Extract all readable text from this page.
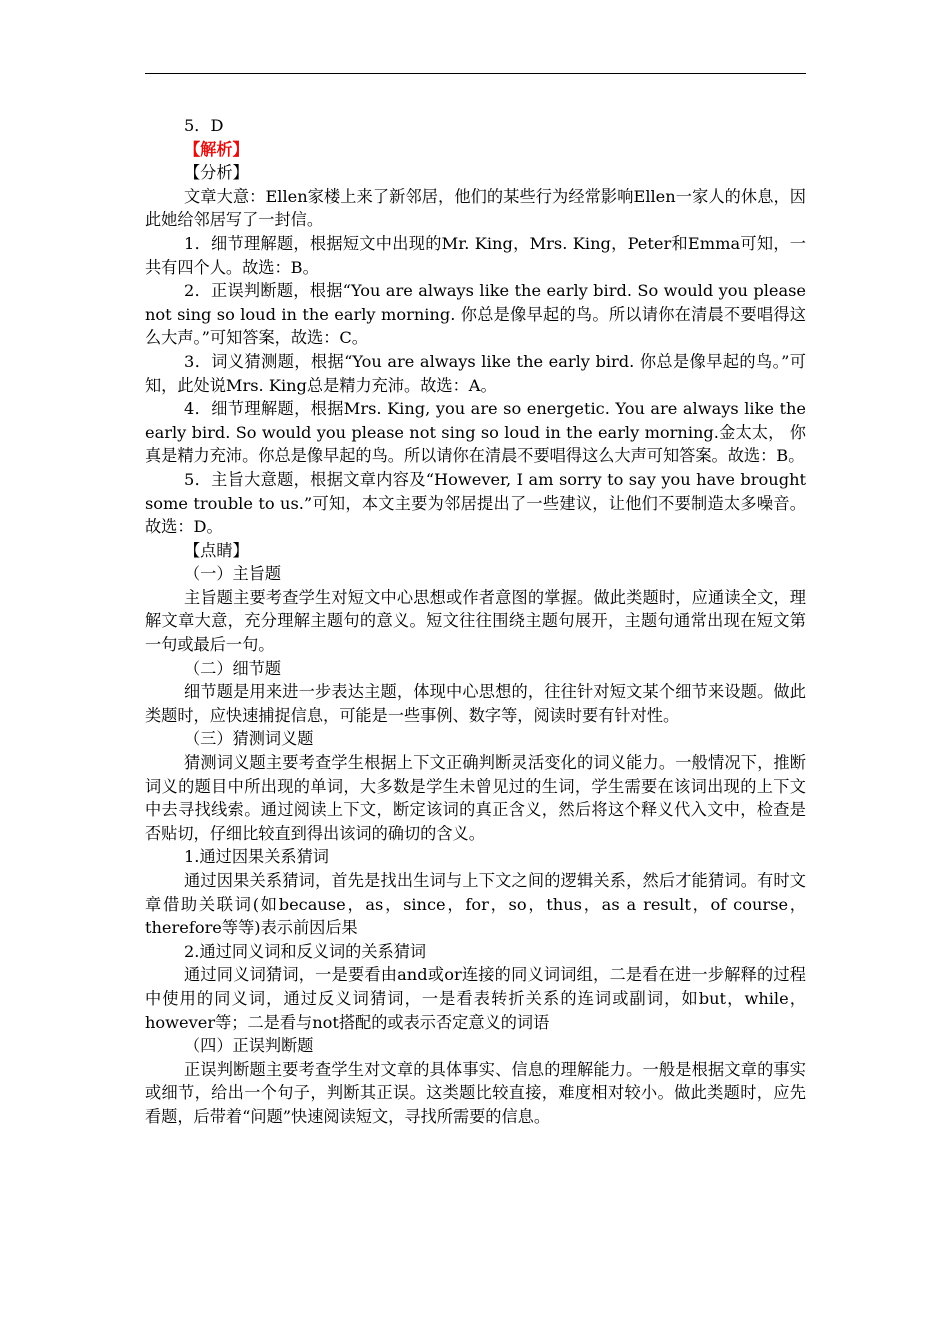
5．D

【解析】

【分析】

文章大意：Ellen家楼上来了新邻居，他们的某些行为经常影响Ellen一家人的休息，因此她给邻居写了一封信。

1．细节理解题，根据短文中出现的Mr. King，Mrs. King，Peter和Emma可知，一共有四个人。故选：B。

2．正误判断题，根据“You are always like the early bird. So would you please not sing so loud in the early morning. 你总是像早起的鸟。所以请你在清晨不要唱得这么大声。”可知答案，故选：C。

3．词义猜测题，根据“You are always like the early bird. 你总是像早起的鸟。”可知，此处说Mrs. King总是精力充沛。故选：A。

4．细节理解题，根据Mrs. King, you are so energetic. You are always like the early bird. So would you please not sing so loud in the early morning.金太太， 你真是精力充沛。你总是像早起的鸟。所以请你在清晨不要唱得这么大声可知答案。故选：B。

5．主旨大意题，根据文章内容及“However, I am sorry to say you have brought some trouble to us.”可知，本文主要为邻居提出了一些建议，让他们不要制造太多噪音。故选：D。

【点睛】

（一）主旨题

主旨题主要考查学生对短文中心思想或作者意图的掌握。做此类题时，应通读全文，理解文章大意，充分理解主题句的意义。短文往往围绕主题句展开，主题句通常出现在短文第一句或最后一句。

（二）细节题

细节题是用来进一步表达主题，体现中心思想的，往往针对短文某个细节来设题。做此类题时，应快速捕捉信息，可能是一些事例、数字等，阅读时要有针对性。

（三）猜测词义题

猜测词义题主要考查学生根据上下文正确判断灵活变化的词义能力。一般情况下，推断词义的题目中所出现的单词，大多数是学生未曾见过的生词，学生需要在该词出现的上下文中去寻找线索。通过阅读上下文，断定该词的真正含义，然后将这个释义代入文中，检查是否贴切，仔细比较直到得出该词的确切的含义。

1.通过因果关系猜词

通过因果关系猜词，首先是找出生词与上下文之间的逻辑关系，然后才能猜词。有时文章借助关联词(如because，as，since，for，so，thus，as a result，of course，therefore等等)表示前因后果

2.通过同义词和反义词的关系猜词

通过同义词猜词，一是要看由and或or连接的同义词词组，二是看在进一步解释的过程中使用的同义词，通过反义词猜词，一是看表转折关系的连词或副词，如but，while，however等；二是看与not搭配的或表示否定意义的词语

（四）正误判断题

正误判断题主要考查学生对文章的具体事实、信息的理解能力。一般是根据文章的事实或细节，给出一个句子，判断其正误。这类题比较直接，难度相对较小。做此类题时，应先看题，后带着“问题”快速阅读短文，寻找所需要的信息。
